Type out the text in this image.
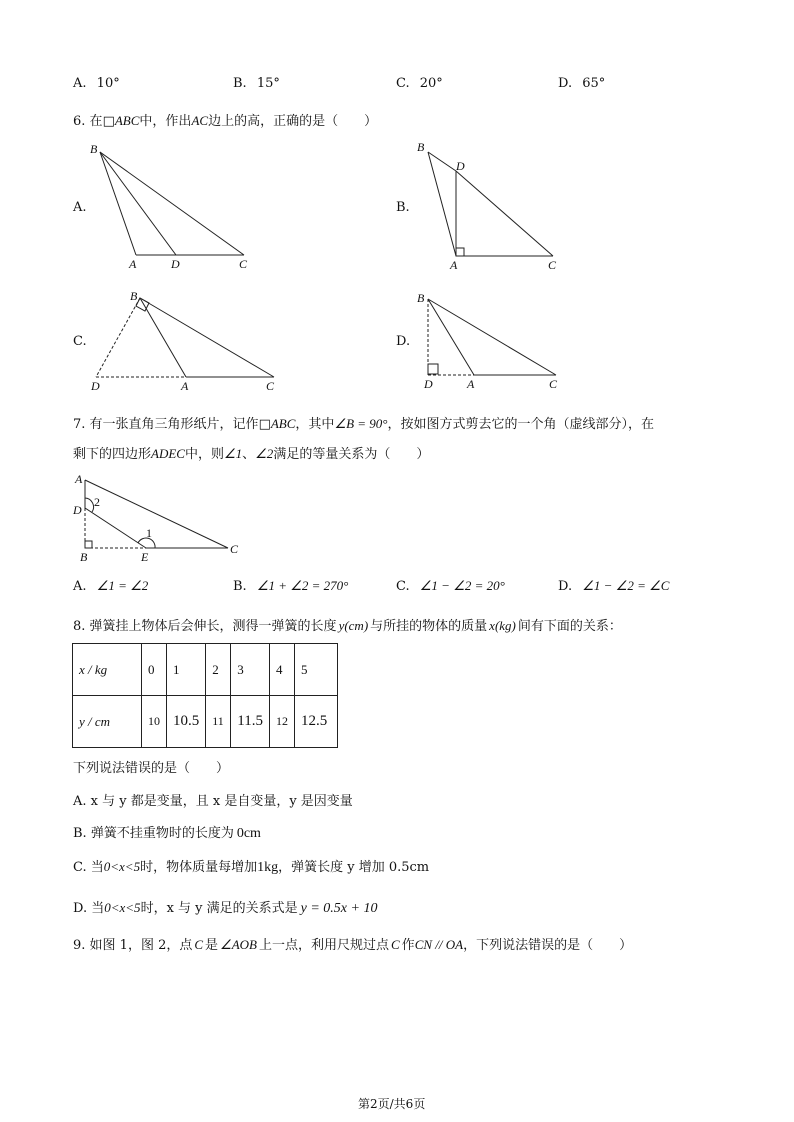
A. 10°	B. 15°	C. 20°	D. 65°
6. 在□ABC中，作出AC边上的高，正确的是（　　）
A.	B.
C.	D.
B
A	D	C
B
D
A	C
B
D	A	C
B
D	A	C
7. 有一张直角三角形纸片，记作□ABC，其中∠B = 90°，按如图方式剪去它的一个角（虚线部分），在
剩下的四边形ADEC中，则∠1、∠2满足的等量关系为（　　）
A
D
2
B	E
1
C
A. ∠1 = ∠2	B. ∠1 + ∠2 = 270°	C. ∠1 − ∠2 = 20°	D. ∠1 − ∠2 = ∠C
8. 弹簧挂上物体后会伸长，测得一弹簧的长度 y(cm) 与所挂的物体的质量 x(kg) 间有下面的关系：
x / kg	0	1	2	3	4	5
y / cm	10	10.5	11	11.5	12	12.5
下列说法错误的是（　　）
A. x 与 y 都是变量，且 x 是自变量，y 是因变量
B. 弹簧不挂重物时的长度为 0cm
C. 当0<x<5时，物体质量每增加1kg，弹簧长度 y 增加 0.5cm
D. 当0<x<5时，x 与 y 满足的关系式是 y = 0.5x + 10
9. 如图 1，图 2，点 C 是 ∠AOB 上一点，利用尺规过点 C 作CN // OA，下列说法错误的是（　　）
第2页/共6页
